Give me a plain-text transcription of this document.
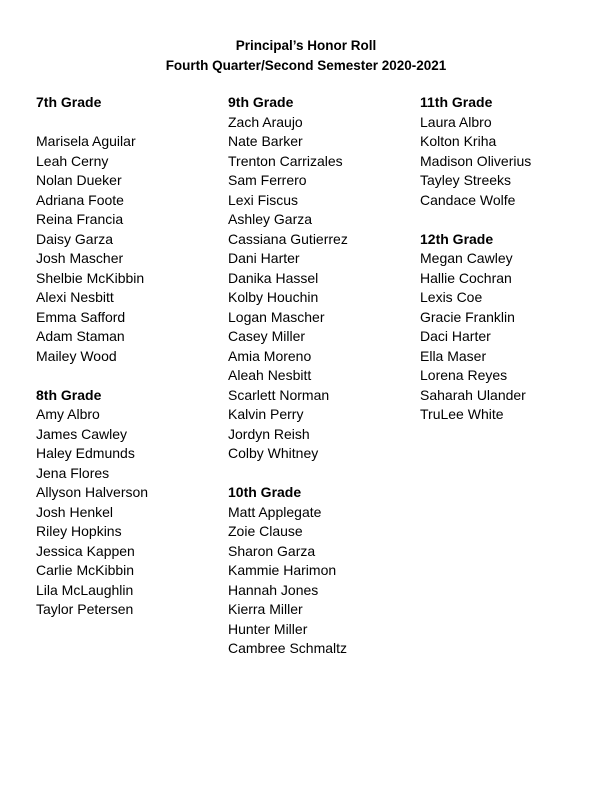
Principal’s Honor Roll
Fourth Quarter/Second Semester 2020-2021
7th Grade
Marisela Aguilar
Leah Cerny
Nolan Dueker
Adriana Foote
Reina Francia
Daisy Garza
Josh Mascher
Shelbie McKibbin
Alexi Nesbitt
Emma Safford
Adam Staman
Mailey Wood
8th Grade
Amy Albro
James Cawley
Haley Edmunds
Jena Flores
Allyson Halverson
Josh Henkel
Riley Hopkins
Jessica Kappen
Carlie McKibbin
Lila McLaughlin
Taylor Petersen
9th Grade
Zach Araujo
Nate Barker
Trenton Carrizales
Sam Ferrero
Lexi Fiscus
Ashley Garza
Cassiana Gutierrez
Dani Harter
Danika Hassel
Kolby Houchin
Logan Mascher
Casey Miller
Amia Moreno
Aleah Nesbitt
Scarlett Norman
Kalvin Perry
Jordyn Reish
Colby Whitney
10th Grade
Matt Applegate
Zoie Clause
Sharon Garza
Kammie Harimon
Hannah Jones
Kierra Miller
Hunter Miller
Cambree Schmaltz
11th Grade
Laura Albro
Kolton Kriha
Madison Oliverius
Tayley Streeks
Candace Wolfe
12th Grade
Megan Cawley
Hallie Cochran
Lexis Coe
Gracie Franklin
Daci Harter
Ella Maser
Lorena Reyes
Saharah Ulander
TruLee White
